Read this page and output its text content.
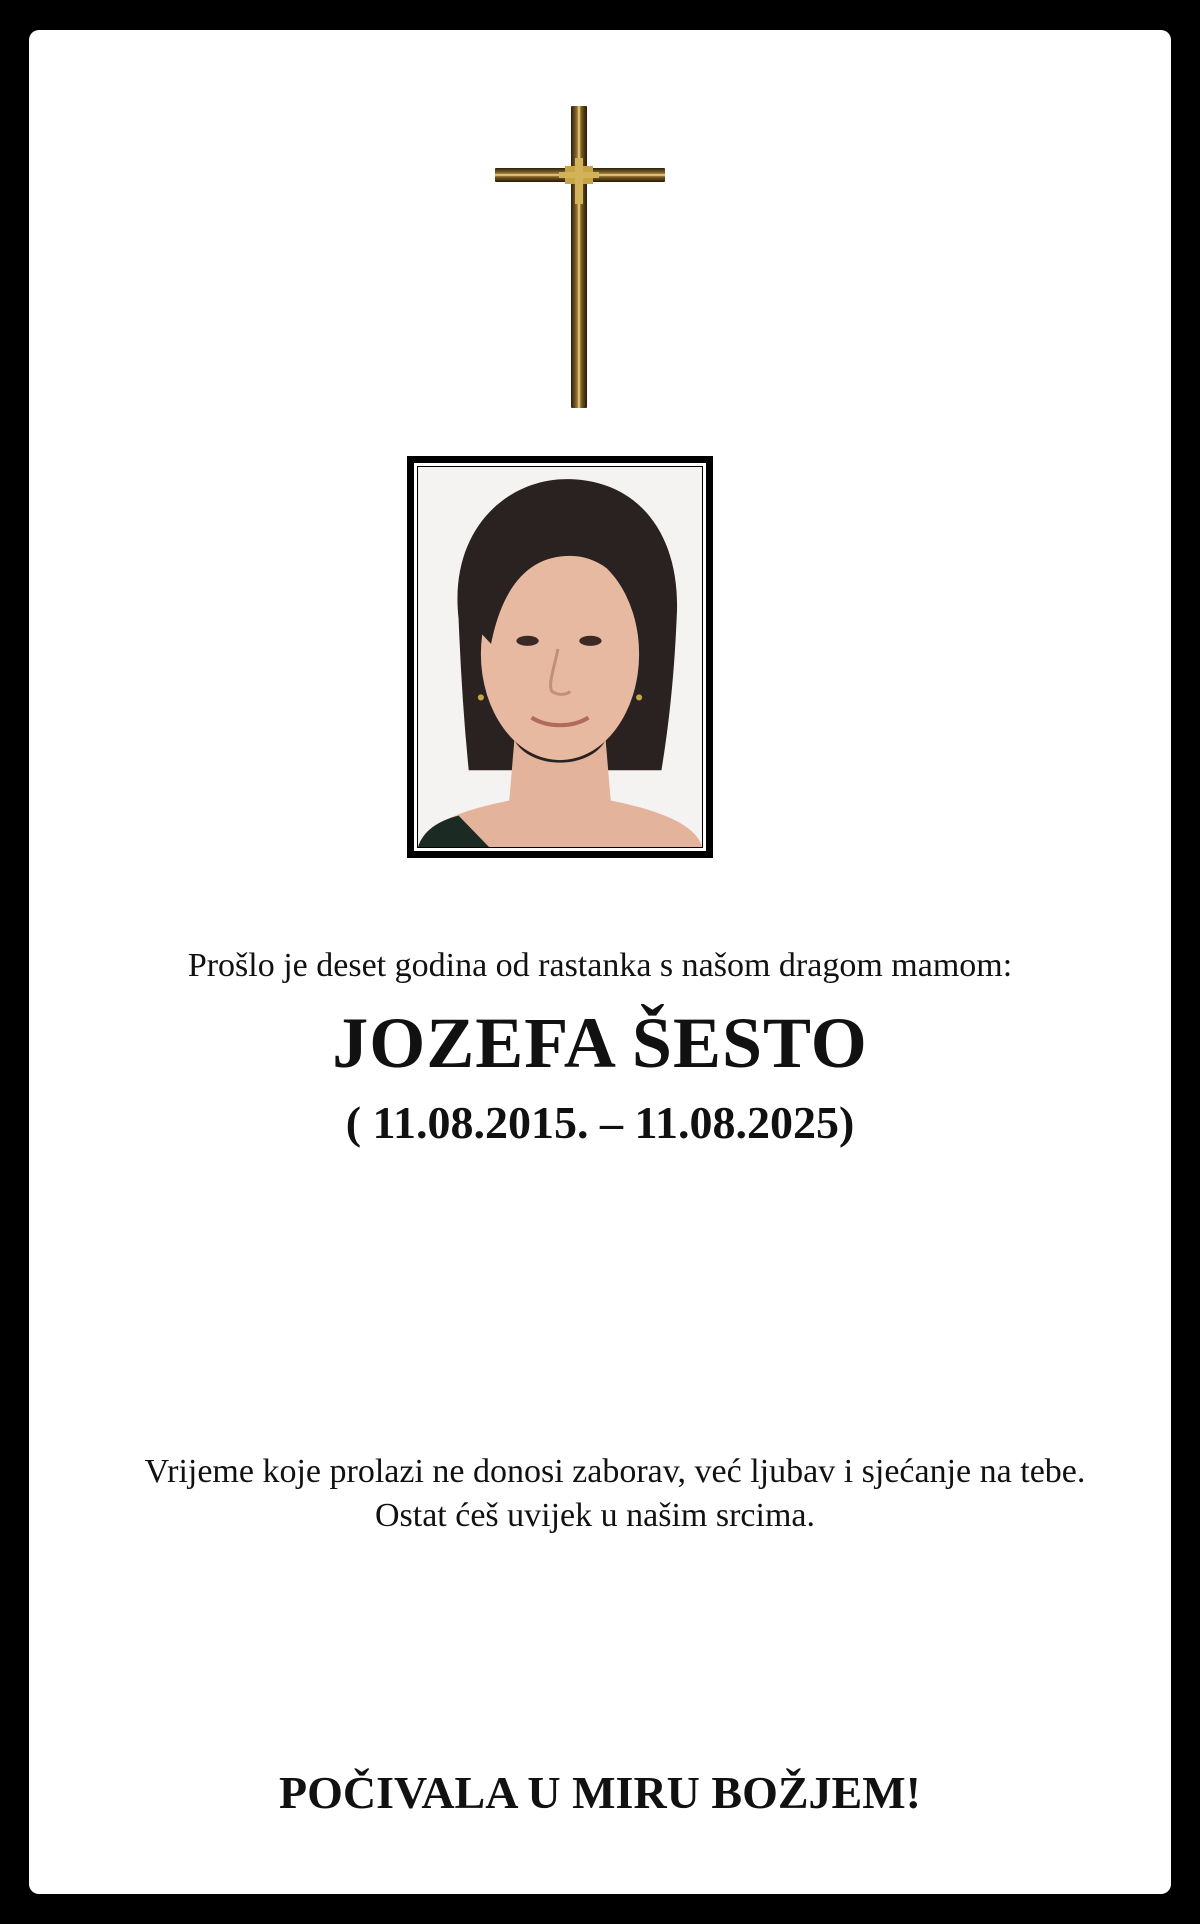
Prošlo je deset godina od rastanka s našom dragom mamom:
JOZEFA ŠESTO
( 11.08.2015. – 11.08.2025)
Vrijeme koje prolazi ne donosi zaborav, već ljubav i sjećanje na tebe.
Ostat ćeš uvijek u našim srcima.
POČIVALA U MIRU BOŽJEM!
